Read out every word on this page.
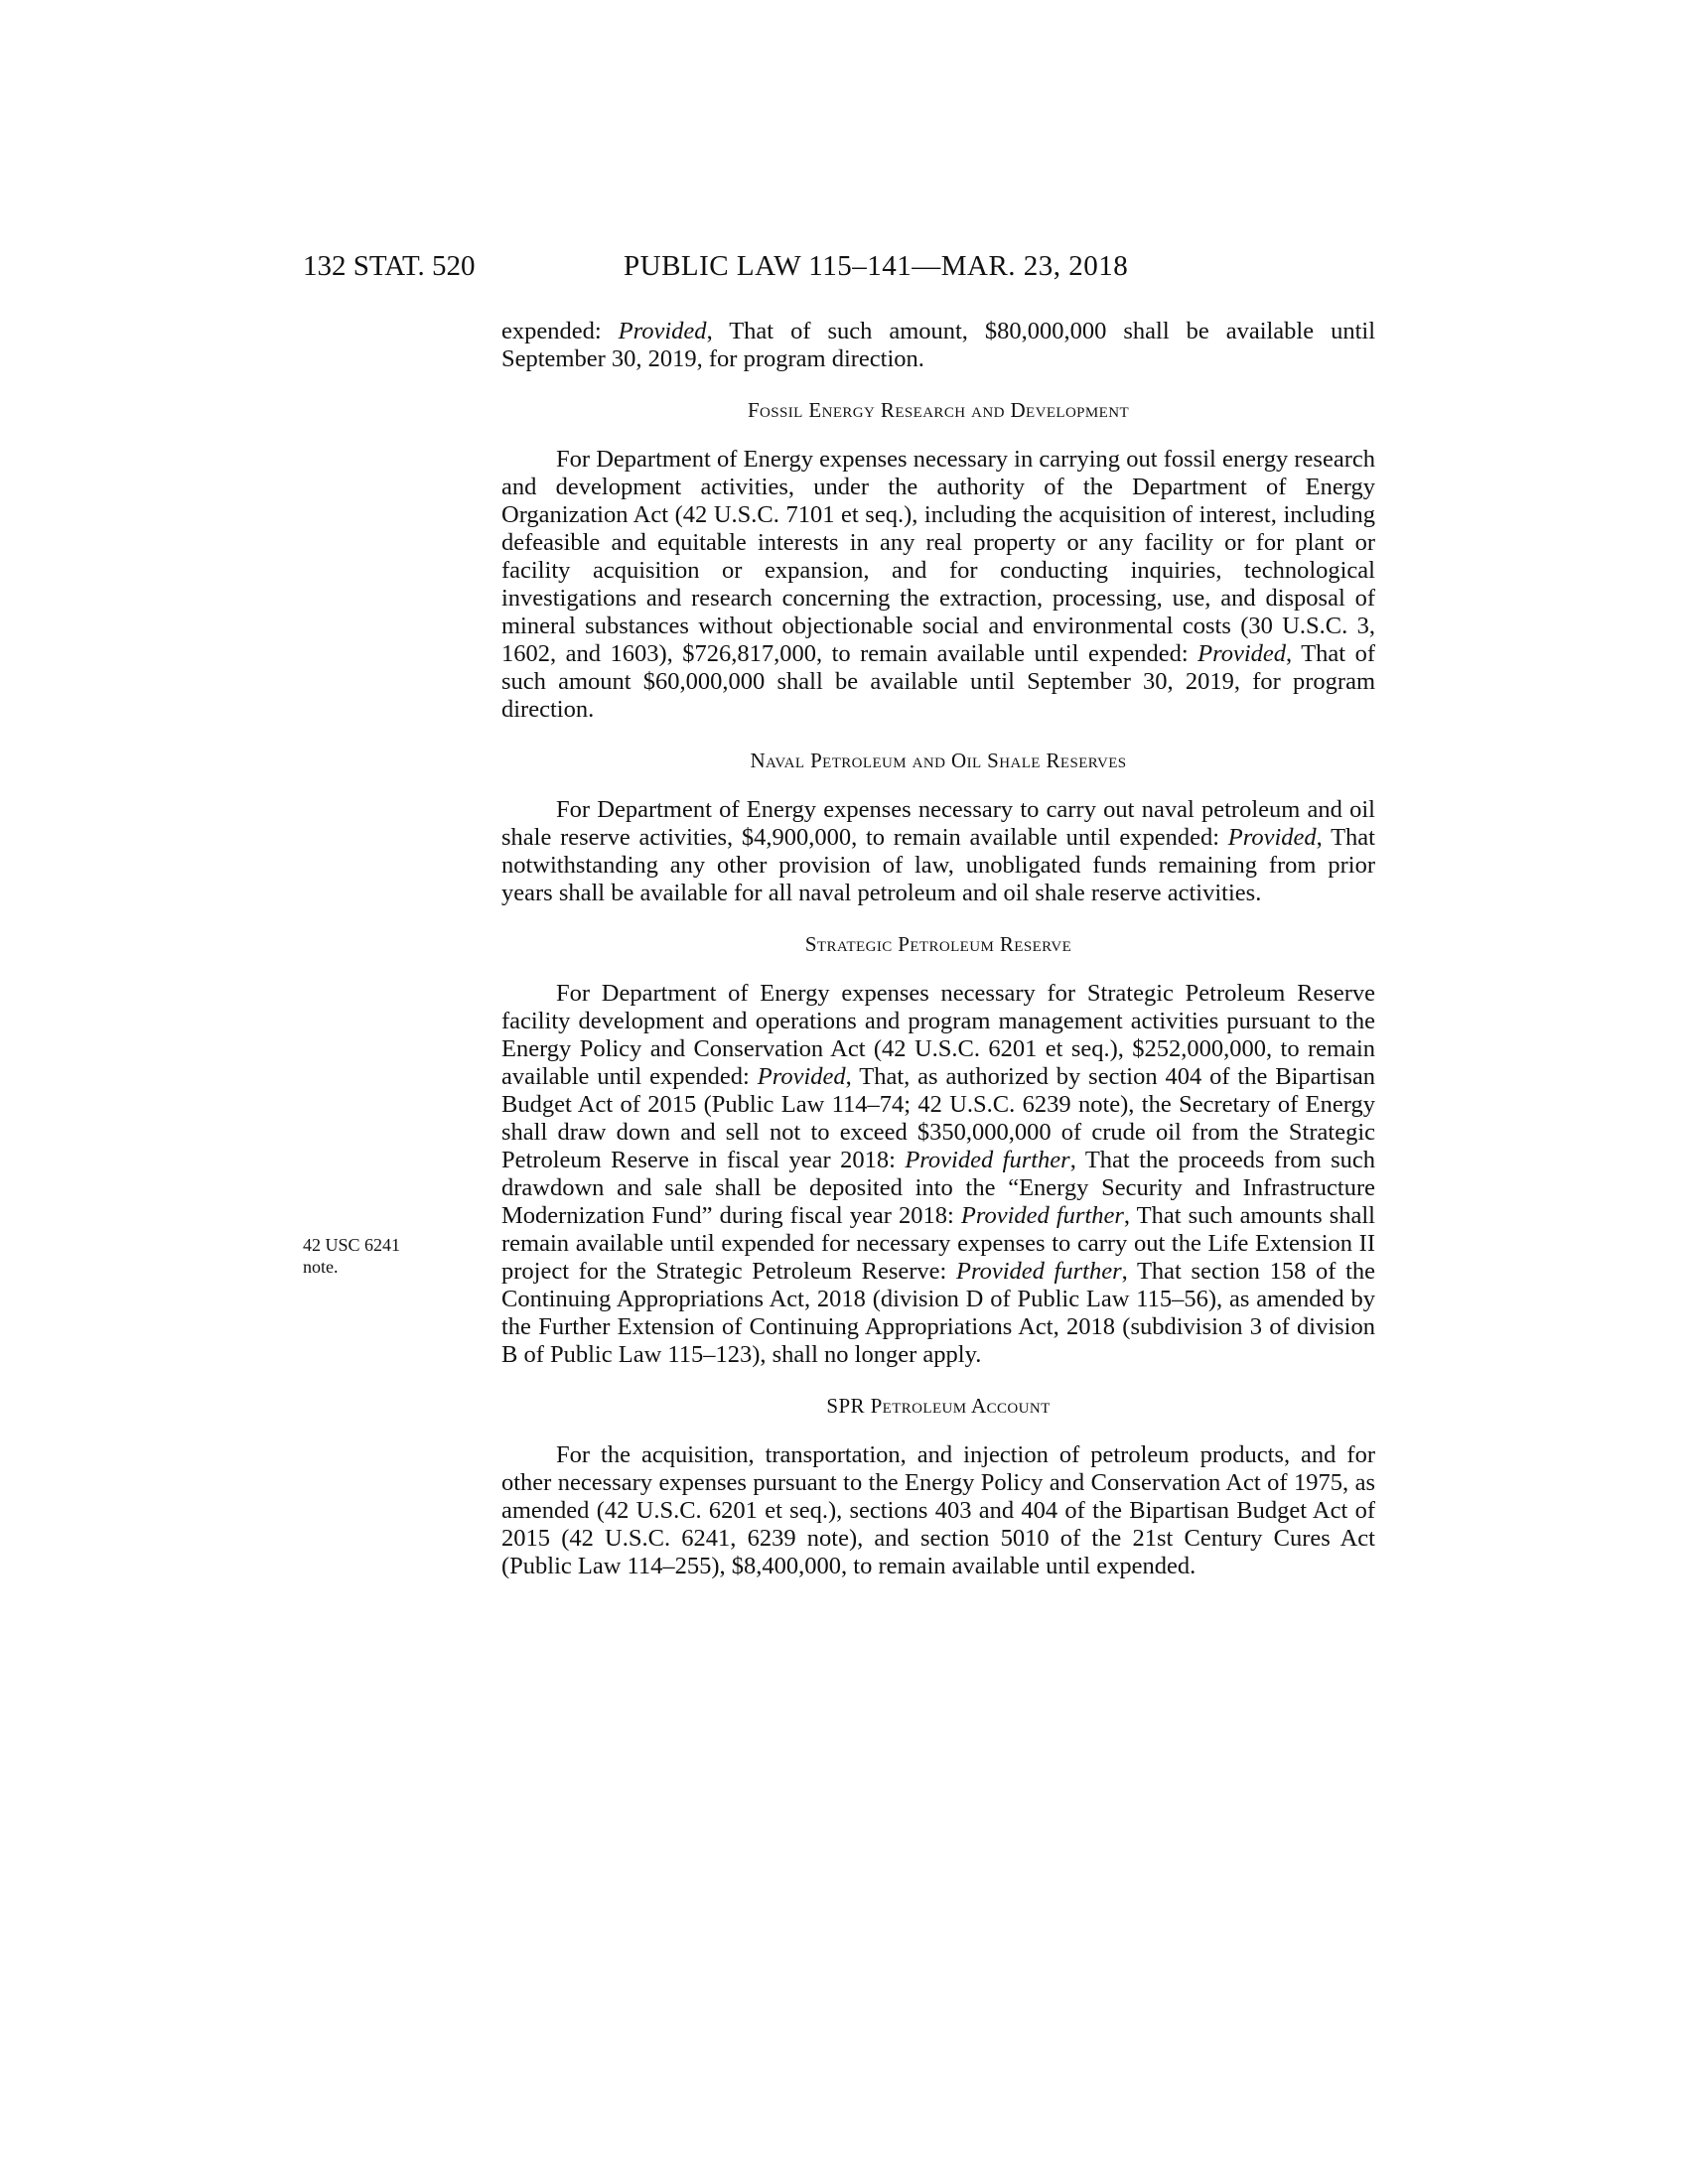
132 STAT. 520	PUBLIC LAW 115–141—MAR. 23, 2018
42 USC 6241
note.

expended: Provided, That of such amount, $80,000,000 shall be available until September 30, 2019, for program direction.

Fossil Energy Research and Development

For Department of Energy expenses necessary in carrying out fossil energy research and development activities, under the authority of the Department of Energy Organization Act (42 U.S.C. 7101 et seq.), including the acquisition of interest, including defeasible and equitable interests in any real property or any facility or for plant or facility acquisition or expansion, and for conducting inquiries, technological investigations and research concerning the extraction, processing, use, and disposal of mineral substances without objectionable social and environmental costs (30 U.S.C. 3, 1602, and 1603), $726,817,000, to remain available until expended: Provided, That of such amount $60,000,000 shall be available until September 30, 2019, for program direction.

Naval Petroleum and Oil Shale Reserves

For Department of Energy expenses necessary to carry out naval petroleum and oil shale reserve activities, $4,900,000, to remain available until expended: Provided, That notwithstanding any other provision of law, unobligated funds remaining from prior years shall be available for all naval petroleum and oil shale reserve activities.

Strategic Petroleum Reserve

For Department of Energy expenses necessary for Strategic Petroleum Reserve facility development and operations and program management activities pursuant to the Energy Policy and Conservation Act (42 U.S.C. 6201 et seq.), $252,000,000, to remain available until expended: Provided, That, as authorized by section 404 of the Bipartisan Budget Act of 2015 (Public Law 114–74; 42 U.S.C. 6239 note), the Secretary of Energy shall draw down and sell not to exceed $350,000,000 of crude oil from the Strategic Petroleum Reserve in fiscal year 2018: Provided further, That the proceeds from such drawdown and sale shall be deposited into the “Energy Security and Infrastructure Modernization Fund” during fiscal year 2018: Provided further, That such amounts shall remain available until expended for necessary expenses to carry out the Life Extension II project for the Strategic Petroleum Reserve: Provided further, That section 158 of the Continuing Appropriations Act, 2018 (division D of Public Law 115–56), as amended by the Further Extension of Continuing Appropriations Act, 2018 (subdivision 3 of division B of Public Law 115–123), shall no longer apply.

SPR Petroleum Account

For the acquisition, transportation, and injection of petroleum products, and for other necessary expenses pursuant to the Energy Policy and Conservation Act of 1975, as amended (42 U.S.C. 6201 et seq.), sections 403 and 404 of the Bipartisan Budget Act of 2015 (42 U.S.C. 6241, 6239 note), and section 5010 of the 21st Century Cures Act (Public Law 114–255), $8,400,000, to remain available until expended.
